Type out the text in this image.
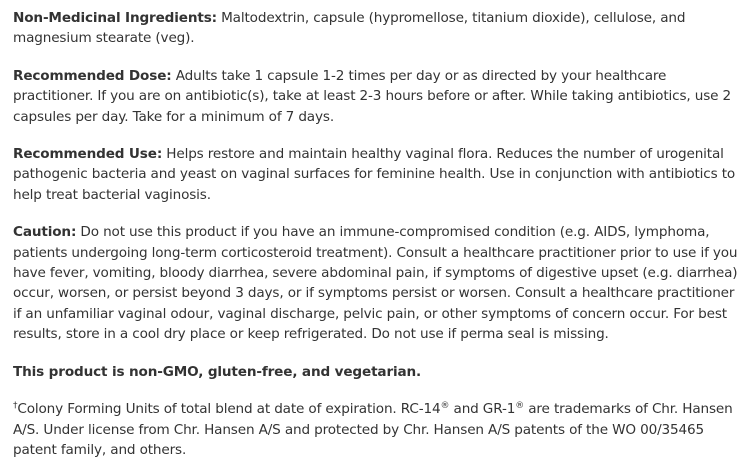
Non-Medicinal Ingredients: Maltodextrin, capsule (hypromellose, titanium dioxide), cellulose, and magnesium stearate (veg).

Recommended Dose: Adults take 1 capsule 1-2 times per day or as directed by your healthcare practitioner. If you are on antibiotic(s), take at least 2-3 hours before or after. While taking antibiotics, use 2 capsules per day. Take for a minimum of 7 days.

Recommended Use: Helps restore and maintain healthy vaginal flora. Reduces the number of urogenital pathogenic bacteria and yeast on vaginal surfaces for feminine health. Use in conjunction with antibiotics to help treat bacterial vaginosis.

Caution: Do not use this product if you have an immune-compromised condition (e.g. AIDS, lymphoma, patients undergoing long-term corticosteroid treatment). Consult a healthcare practitioner prior to use if you have fever, vomiting, bloody diarrhea, severe abdominal pain, if symptoms of digestive upset (e.g. diarrhea) occur, worsen, or persist beyond 3 days, or if symptoms persist or worsen. Consult a healthcare practitioner if an unfamiliar vaginal odour, vaginal discharge, pelvic pain, or other symptoms of concern occur. For best results, store in a cool dry place or keep refrigerated. Do not use if perma seal is missing.

This product is non-GMO, gluten-free, and vegetarian.

†Colony Forming Units of total blend at date of expiration. RC-14® and GR-1® are trademarks of Chr. Hansen A/S. Under license from Chr. Hansen A/S and protected by Chr. Hansen A/S patents of the WO 00/35465 patent family, and others.
